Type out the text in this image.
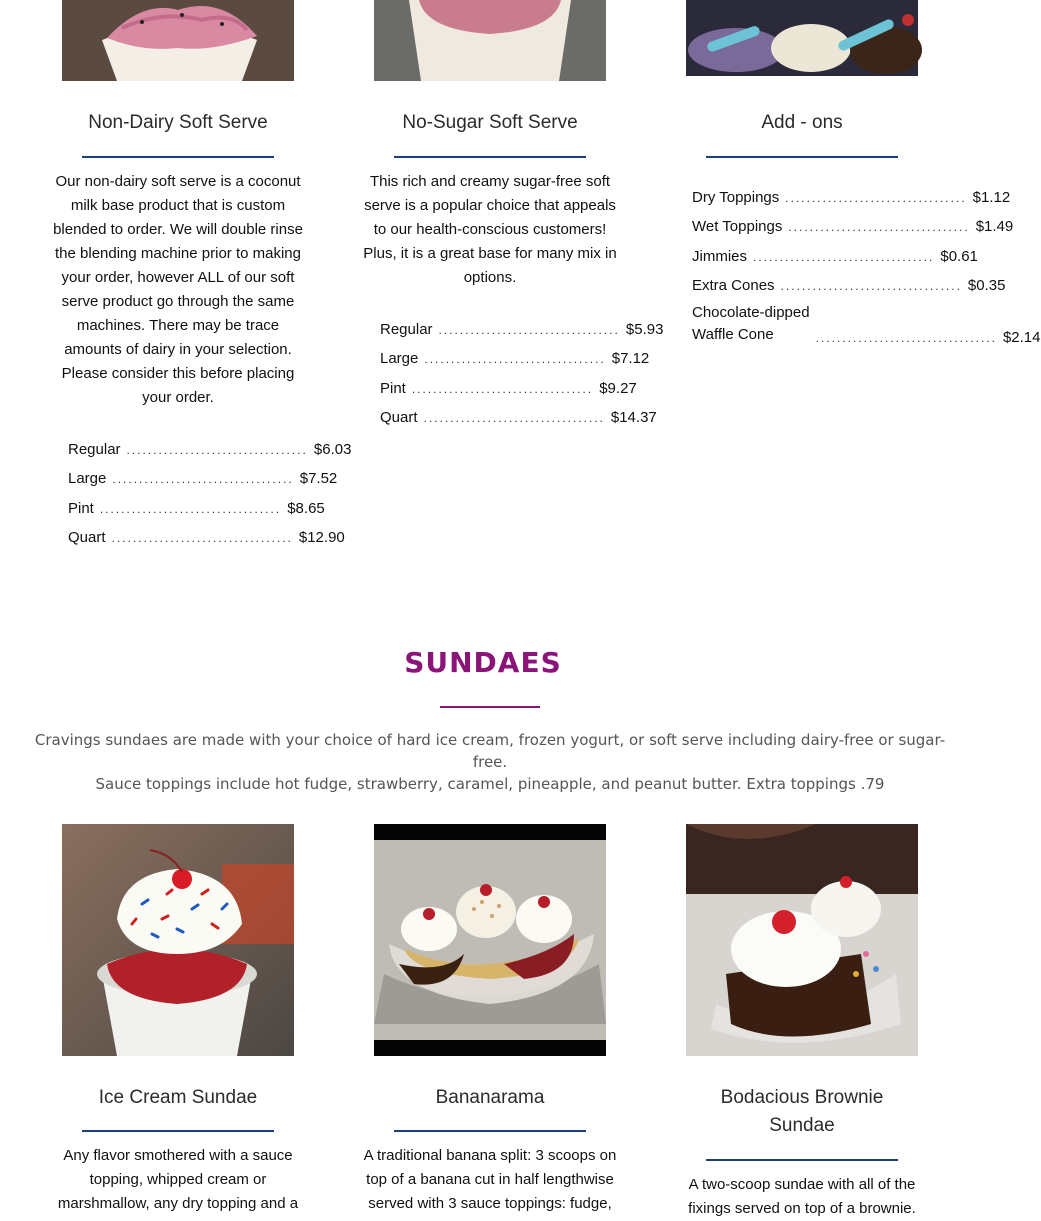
Non-Dairy Soft Serve
Our non-dairy soft serve is a coconut milk base product that is custom blended to order. We will double rinse the blending machine prior to making your order, however ALL of our soft serve product go through the same machines. There may be trace amounts of dairy in your selection. Please consider this before placing your order.
Regular .................................. $6.03
Large .................................. $7.52
Pint .................................. $8.65
Quart .................................. $12.90
No-Sugar Soft Serve
This rich and creamy sugar-free soft serve is a popular choice that appeals to our health-conscious customers! Plus, it is a great base for many mix in options.
Regular .................................. $5.93
Large .................................. $7.12
Pint .................................. $9.27
Quart .................................. $14.37
Add - ons
Dry Toppings .................................. $1.12
Wet Toppings .................................. $1.49
Jimmies .................................. $0.61
Extra Cones .................................. $0.35
Chocolate-dipped
Waffle Cone	.................................. $2.14
SUNDAES
Cravings sundaes are made with your choice of hard ice cream, frozen yogurt, or soft serve including dairy-free or sugar-free.
Sauce toppings include hot fudge, strawberry, caramel, pineapple, and peanut butter. Extra toppings .79
Ice Cream Sundae
Any flavor smothered with a sauce topping, whipped cream or marshmallow, any dry topping and a
Bananarama
A traditional banana split: 3 scoops on top of a banana cut in half lengthwise served with 3 sauce toppings: fudge,
Bodacious Brownie
Sundae
A two-scoop sundae with all of the fixings served on top of a brownie.
